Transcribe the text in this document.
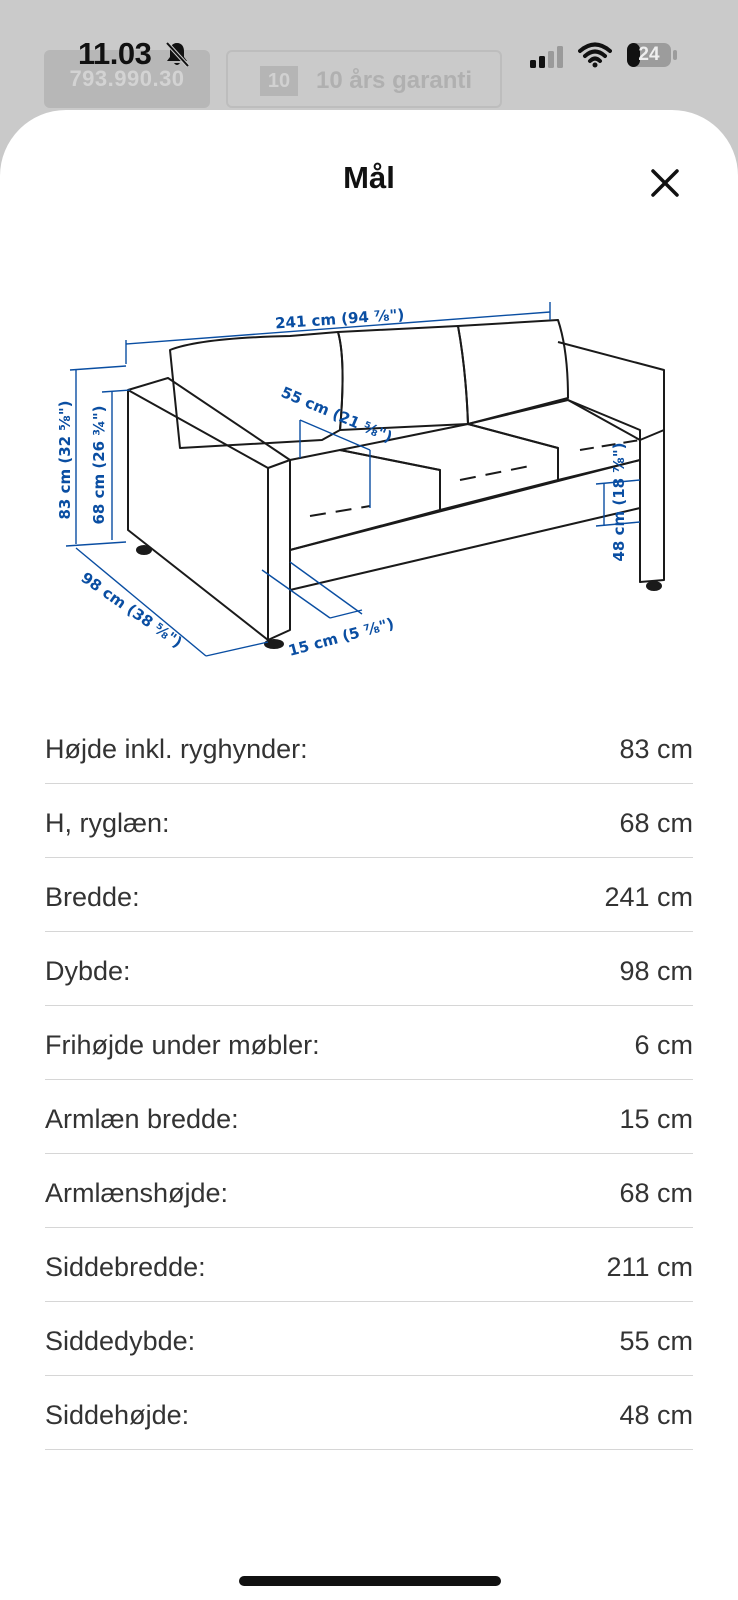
793.990.30	10	10 års garanti
11.03	24
Mål
241 cm (94 ⅞")
55 cm (21 ⅝")
83 cm (32 ⅝") 68 cm (26 ¾")	48 cm (18 ⅞")
98 cm (38 ⅝")	15 cm (5 ⅞")
Højde inkl. ryghynder:	83 cm
H, ryglæn:	68 cm
Bredde:	241 cm
Dybde:	98 cm
Frihøjde under møbler:	6 cm
Armlæn bredde:	15 cm
Armlænshøjde:	68 cm
Siddebredde:	211 cm
Siddedybde:	55 cm
Siddehøjde:	48 cm
